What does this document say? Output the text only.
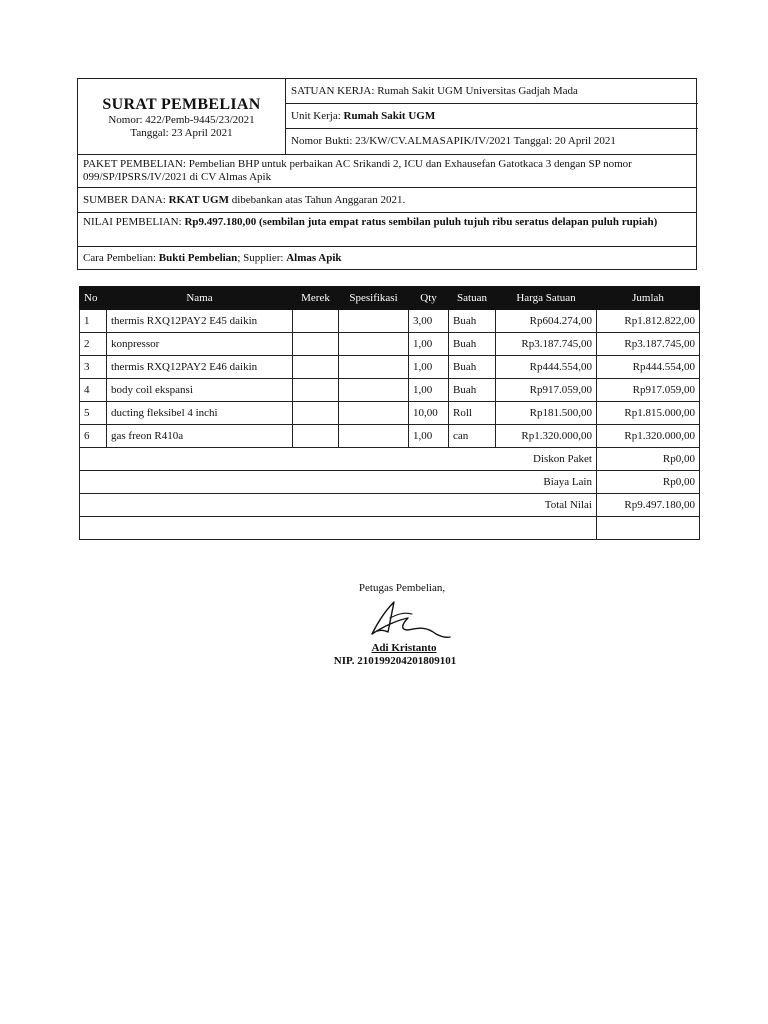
SURAT PEMBELIAN
Nomor: 422/Pemb-9445/23/2021
Tanggal: 23 April 2021
SATUAN KERJA: Rumah Sakit UGM Universitas Gadjah Mada
Unit Kerja: Rumah Sakit UGM
Nomor Bukti: 23/KW/CV.ALMASAPIK/IV/2021 Tanggal: 20 April 2021
PAKET PEMBELIAN: Pembelian BHP untuk perbaikan AC Srikandi 2, ICU dan Exhausefan Gatotkaca 3 dengan SP nomor 099/SP/IPSRS/IV/2021 di CV Almas Apik
SUMBER DANA: RKAT UGM dibebankan atas Tahun Anggaran 2021.
NILAI PEMBELIAN: Rp9.497.180,00 (sembilan juta empat ratus sembilan puluh tujuh ribu seratus delapan puluh rupiah)
Cara Pembelian: Bukti Pembelian; Supplier: Almas Apik
No	Nama	Merek	Spesifikasi	Qty	Satuan	Harga Satuan	Jumlah
1	thermis RXQ12PAY2 E45 daikin			3,00	Buah	Rp604.274,00	Rp1.812.822,00
2	konpressor			1,00	Buah	Rp3.187.745,00	Rp3.187.745,00
3	thermis RXQ12PAY2 E46 daikin			1,00	Buah	Rp444.554,00	Rp444.554,00
4	body coil ekspansi			1,00	Buah	Rp917.059,00	Rp917.059,00
5	ducting fleksibel 4 inchi			10,00	Roll	Rp181.500,00	Rp1.815.000,00
6	gas freon R410a			1,00	can	Rp1.320.000,00	Rp1.320.000,00
Diskon Paket							Rp0,00
Biaya Lain							Rp0,00
Total Nilai							Rp9.497.180,00

Petugas Pembelian,
Adi Kristanto
NIP. 210199204201809101
